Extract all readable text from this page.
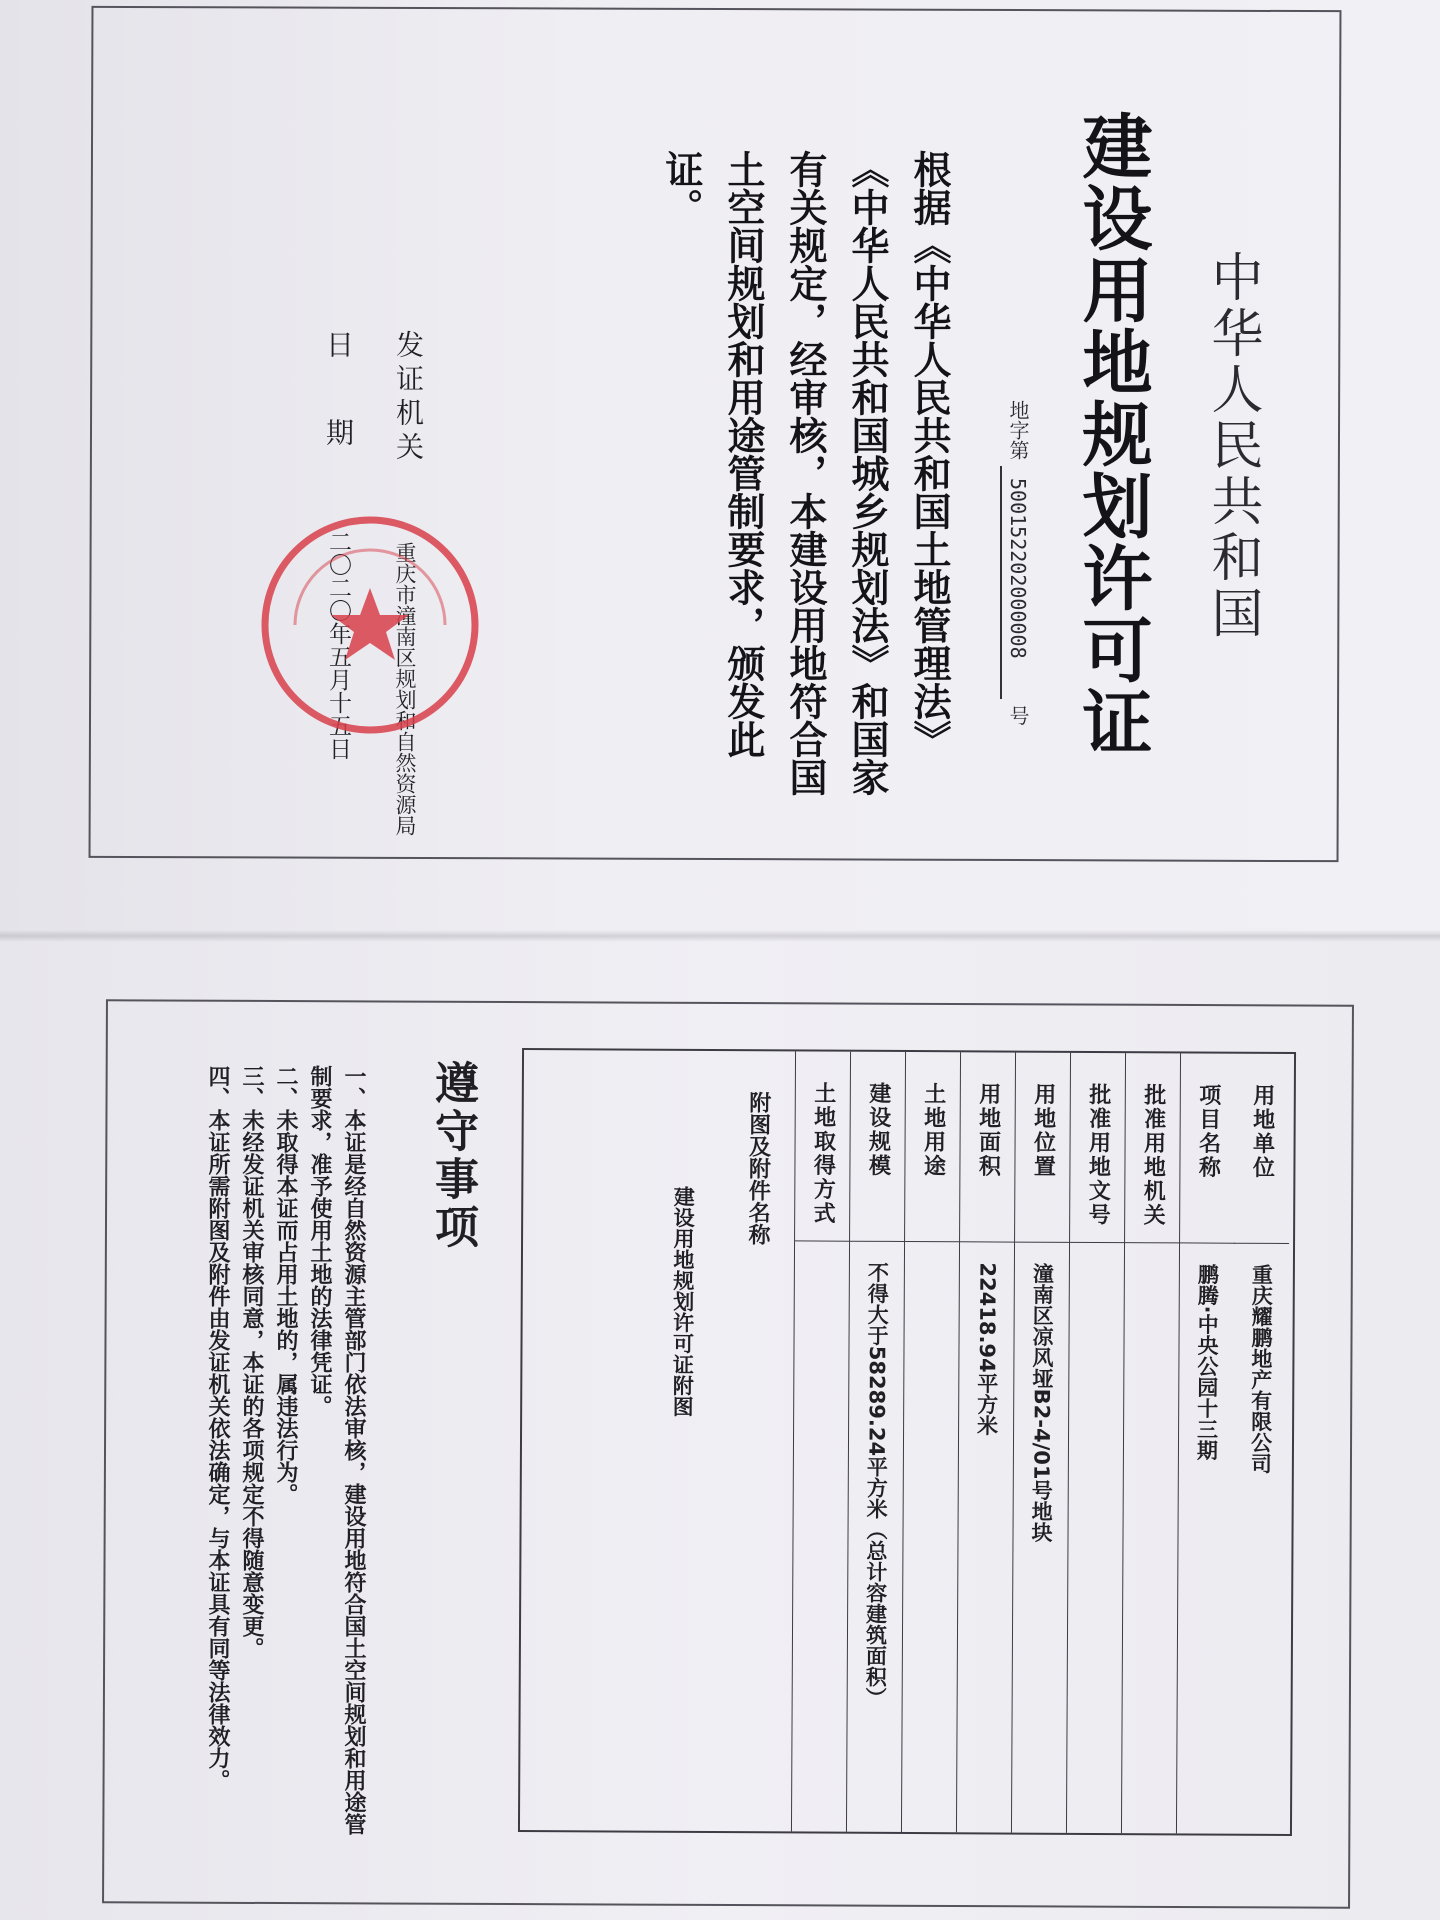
中华人民共和国
建设用地规划许可证
地字第 500152202000008 号
根据《中华人民共和国土地管理法》《中华人民共和国城乡规划法》和国家有关规定，经审核，本建设用地符合国土空间规划和用途管制要求，颁发此证。
发证机关
重庆市潼南区规划和自然资源局
日期
二〇二〇年五月十五日
附图及附件名称
建设用地规划许可证附图
用地单位
重庆耀鹏地产有限公司
项目名称
鹏腾·中央公园十三期
批准用地机关
批准用地文号
用地位置
潼南区凉风垭B2-4/01号地块
用地面积
22418.94平方米
土地用途
建设规模
不得大于58289.24平方米（总计容建筑面积）
土地取得方式
遵守事项

一、本证是经自然资源主管部门依法审核，建设用地符合国土空间规划和用途管制要求，准予使用土地的法律凭证。

二、未取得本证而占用土地的，属违法行为。

三、未经发证机关审核同意，本证的各项规定不得随意变更。

四、本证所需附图及附件由发证机关依法确定，与本证具有同等法律效力。
